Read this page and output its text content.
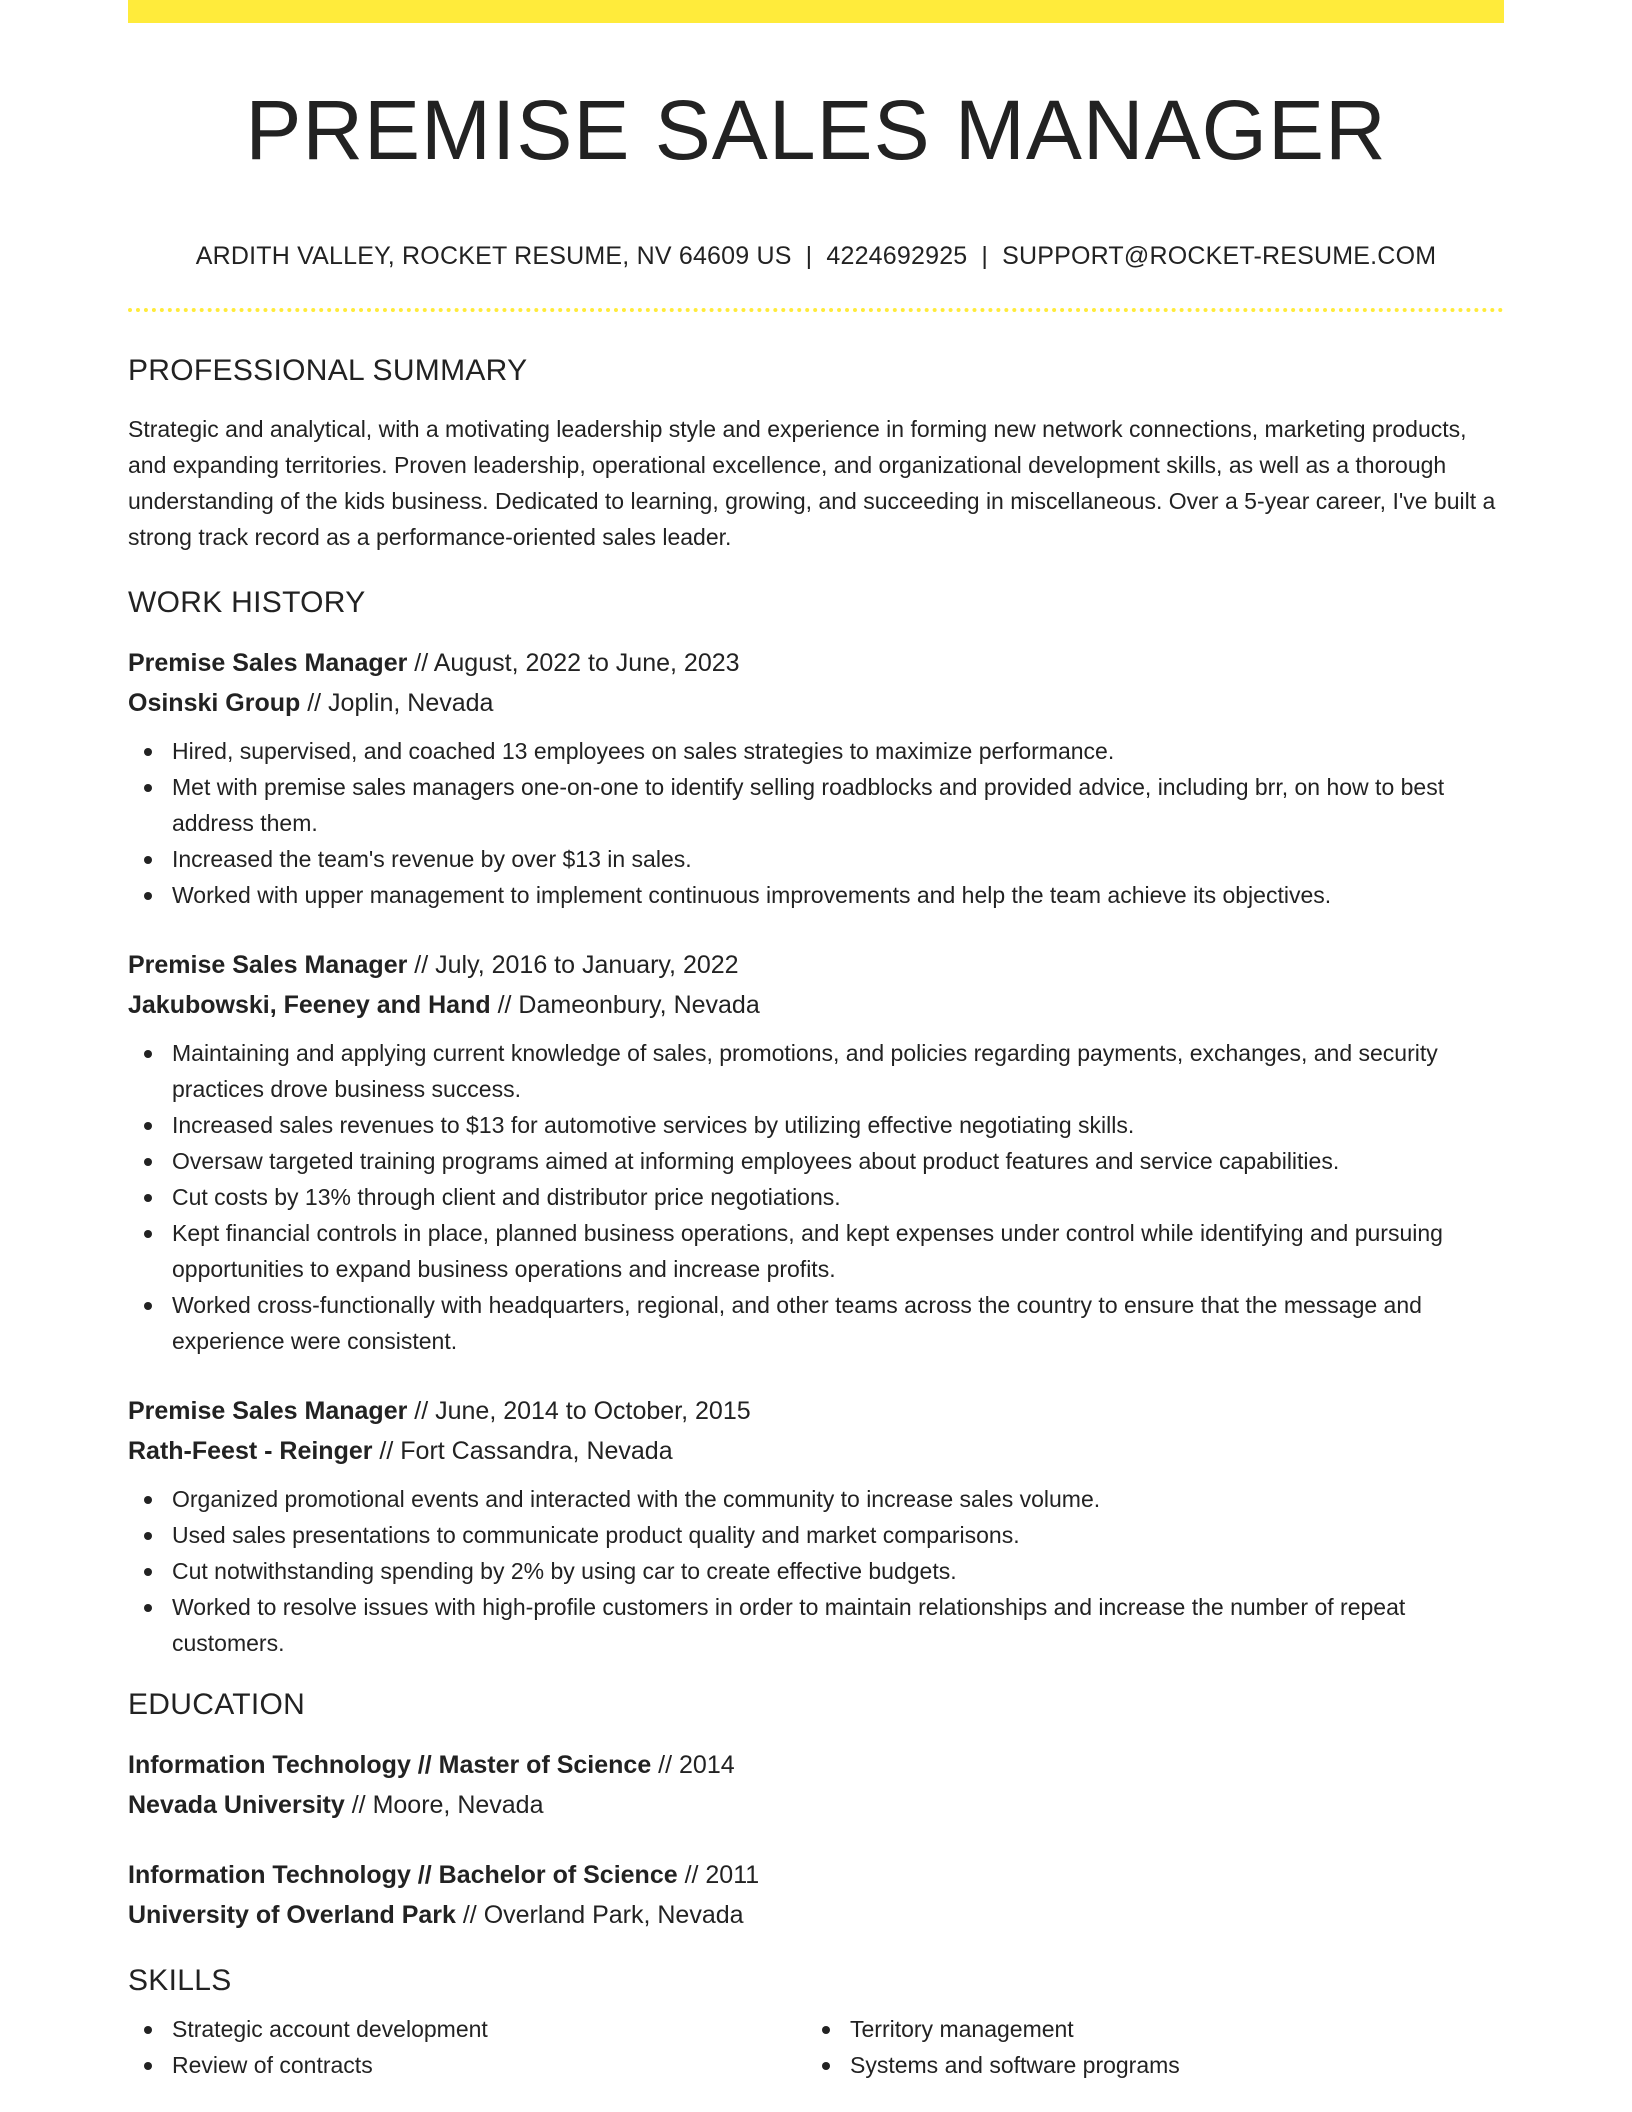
PREMISE SALES MANAGER
ARDITH VALLEY, ROCKET RESUME, NV 64609 US | 4224692925 | SUPPORT@ROCKET-RESUME.COM
PROFESSIONAL SUMMARY

Strategic and analytical, with a motivating leadership style and experience in forming new network connections, marketing products, and expanding territories. Proven leadership, operational excellence, and organizational development skills, as well as a thorough understanding of the kids business. Dedicated to learning, growing, and succeeding in miscellaneous. Over a 5-year career, I've built a strong track record as a performance-oriented sales leader.

WORK HISTORY
Premise Sales Manager // August, 2022 to June, 2023
Osinski Group // Joplin, Nevada
Hired, supervised, and coached 13 employees on sales strategies to maximize performance.
Met with premise sales managers one-on-one to identify selling roadblocks and provided advice, including brr, on how to best address them.
Increased the team's revenue by over $13 in sales.
Worked with upper management to implement continuous improvements and help the team achieve its objectives.
Premise Sales Manager // July, 2016 to January, 2022
Jakubowski, Feeney and Hand // Dameonbury, Nevada
Maintaining and applying current knowledge of sales, promotions, and policies regarding payments, exchanges, and security practices drove business success.
Increased sales revenues to $13 for automotive services by utilizing effective negotiating skills.
Oversaw targeted training programs aimed at informing employees about product features and service capabilities.
Cut costs by 13% through client and distributor price negotiations.
Kept financial controls in place, planned business operations, and kept expenses under control while identifying and pursuing opportunities to expand business operations and increase profits.
Worked cross-functionally with headquarters, regional, and other teams across the country to ensure that the message and experience were consistent.
Premise Sales Manager // June, 2014 to October, 2015
Rath-Feest - Reinger // Fort Cassandra, Nevada
Organized promotional events and interacted with the community to increase sales volume.
Used sales presentations to communicate product quality and market comparisons.
Cut notwithstanding spending by 2% by using car to create effective budgets.
Worked to resolve issues with high-profile customers in order to maintain relationships and increase the number of repeat customers.
EDUCATION
Information Technology // Master of Science // 2014
Nevada University // Moore, Nevada
Information Technology // Bachelor of Science // 2011
University of Overland Park // Overland Park, Nevada
SKILLS
Strategic account development
Review of contracts
Territory management
Systems and software programs
